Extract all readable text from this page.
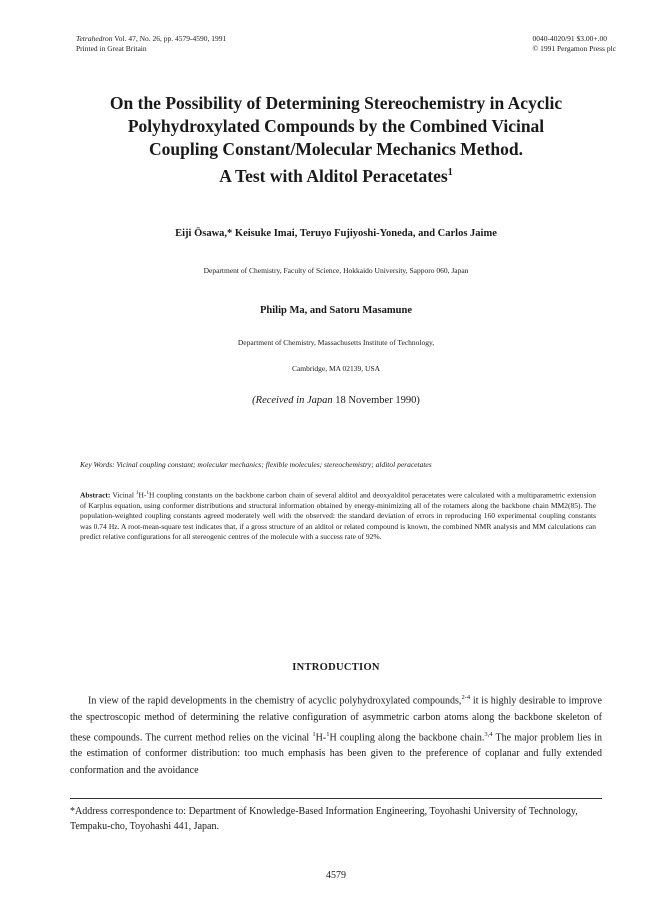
Tetrahedron Vol. 47, No. 26, pp. 4579-4590, 1991
Printed in Great Britain
0040-4020/91 $3.00+.00
© 1991 Pergamon Press plc
On the Possibility of Determining Stereochemistry in Acyclic
Polyhydroxylated Compounds by the Combined Vicinal
Coupling Constant/Molecular Mechanics Method.
A Test with Alditol Peracetates$^1$
Eiji Ōsawa,* Keisuke Imai, Teruyo Fujiyoshi-Yoneda, and Carlos Jaime
Department of Chemistry, Faculty of Science, Hokkaido University, Sapporo 060, Japan
Philip Ma, and Satoru Masamune
Department of Chemistry, Massachusetts Institute of Technology,
Cambridge, MA 02139, USA
(Received in Japan 18 November 1990)
Key Words: Vicinal coupling constant; molecular mechanics; flexible molecules; stereochemistry; alditol peracetates
Abstract: Vicinal $^1$H-$^1$H coupling constants on the backbone carbon chain of several alditol and deoxyalditol peracetates were calculated with a multiparametric extension of Karplus equation, using conformer distributions and structural information obtained by energy-minimizing all of the rotamers along the backbone chain MM2(85). The population-weighted coupling constants agreed moderately well with the observed: the standard deviation of errors in reproducing 160 experimental coupling constants was 0.74 Hz. A root-mean-square test indicates that, if a gross structure of an alditol or related compound is known, the combined NMR analysis and MM calculations can predict relative configurations for all stereogenic centres of the molecule with a success rate of 92%.
INTRODUCTION
In view of the rapid developments in the chemistry of acyclic polyhydroxylated compounds,$^{2-4}$ it is highly desirable to improve the spectroscopic method of determining the relative configuration of asymmetric carbon atoms along the backbone skeleton of these compounds. The current method relies on the vicinal $^1$H-$^1$H coupling along the backbone chain.$^{3,4}$ The major problem lies in the estimation of conformer distribution: too much emphasis has been given to the preference of coplanar and fully extended conformation and the avoidance
*Address correspondence to: Department of Knowledge-Based Information Engineering, Toyohashi University of Technology, Tempaku-cho, Toyohashi 441, Japan.
4579
